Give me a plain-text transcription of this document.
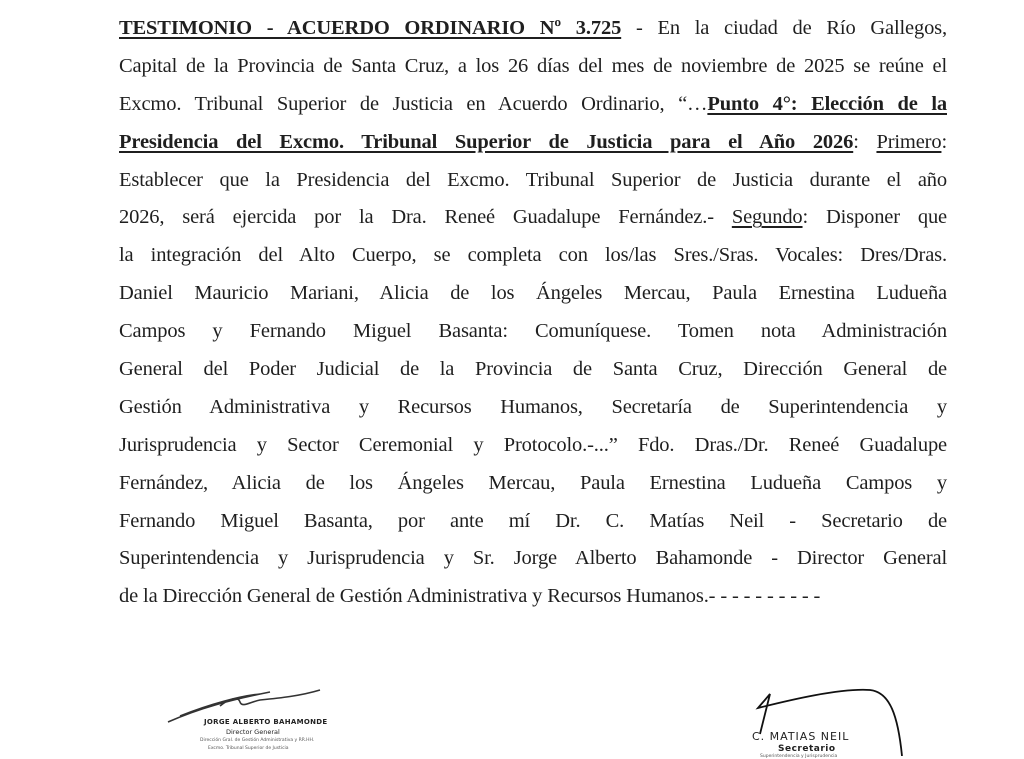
TESTIMONIO - ACUERDO ORDINARIO Nº 3.725 - En la ciudad de Río Gallegos,
Capital de la Provincia de Santa Cruz, a los 26 días del mes de noviembre de 2025 se reúne el
Excmo. Tribunal Superior de Justicia en Acuerdo Ordinario, “…Punto 4°: Elección de la
Presidencia del Excmo. Tribunal Superior de Justicia para el Año 2026: Primero:
Establecer que la Presidencia del Excmo. Tribunal Superior de Justicia durante el año
2026, será ejercida por la Dra. Reneé Guadalupe Fernández.- Segundo: Disponer que
la integración del Alto Cuerpo, se completa con los/las Sres./Sras. Vocales: Dres/Dras.
Daniel Mauricio Mariani, Alicia de los Ángeles Mercau, Paula Ernestina Ludueña
Campos y Fernando Miguel Basanta: Comuníquese. Tomen nota Administración
General del Poder Judicial de la Provincia de Santa Cruz, Dirección General de
Gestión Administrativa y Recursos Humanos, Secretaría de Superintendencia y
Jurisprudencia y Sector Ceremonial y Protocolo.-...” Fdo. Dras./Dr. Reneé Guadalupe
Fernández, Alicia de los Ángeles Mercau, Paula Ernestina Ludueña Campos y
Fernando Miguel Basanta, por ante mí Dr. C. Matías Neil - Secretario de
Superintendencia y Jurisprudencia y Sr. Jorge Alberto Bahamonde - Director General
de la Dirección General de Gestión Administrativa y Recursos Humanos.- - - - - - - - - -
JORGE ALBERTO BAHAMONDE
Director General
Dirección Gral. de Gestión Administrativa y RR.HH.
Excmo. Tribunal Superior de Justicia
C. MATIAS NEIL
Secretario
Superintendencia y Jurisprudencia
